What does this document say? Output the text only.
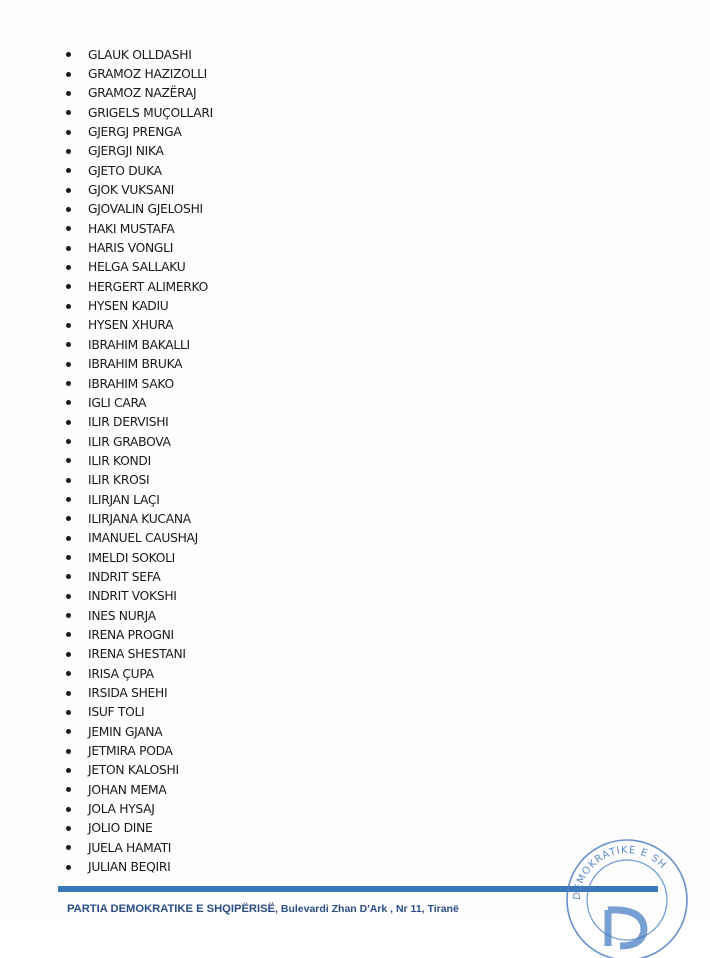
GLAUK OLLDASHI
GRAMOZ HAZIZOLLI
GRAMOZ NAZËRAJ
GRIGELS MUÇOLLARI
GJERGJ PRENGA
GJERGJI NIKA
GJETO DUKA
GJOK VUKSANI
GJOVALIN GJELOSHI
HAKI MUSTAFA
HARIS VONGLI
HELGA SALLAKU
HERGERT ALIMERKO
HYSEN KADIU
HYSEN XHURA
IBRAHIM BAKALLI
IBRAHIM BRUKA
IBRAHIM SAKO
IGLI CARA
ILIR DERVISHI
ILIR GRABOVA
ILIR KONDI
ILIR KROSI
ILIRJAN LAÇI
ILIRJANA KUCANA
IMANUEL CAUSHAJ
IMELDI SOKOLI
INDRIT SEFA
INDRIT VOKSHI
INES NURJA
IRENA PROGNI
IRENA SHESTANI
IRISA ÇUPA
IRSIDA SHEHI
ISUF TOLI
JEMIN GJANA
JETMIRA PODA
JETON KALOSHI
JOHAN MEMA
JOLA HYSAJ
JOLIO DINE
JUELA HAMATI
JULIAN BEQIRI
PARTIA DEMOKRATIKE E SHQIPËRISË, Bulevardi Zhan D'Ark , Nr 11, Tiranë
DEMOKRATIKE E SH
